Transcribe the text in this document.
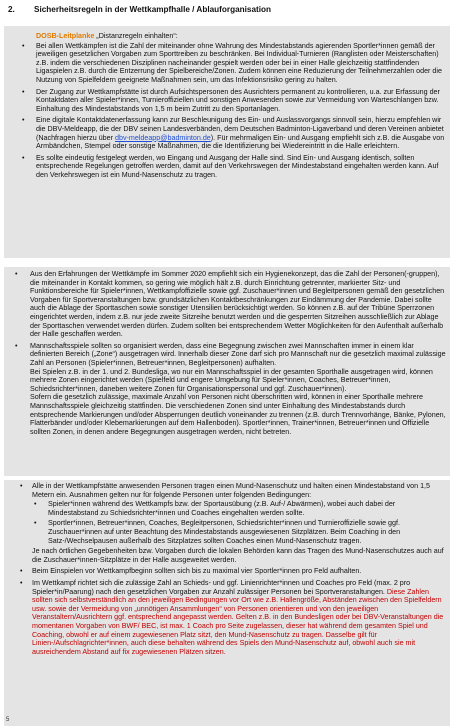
2. Sicherheitsregeln in der Wettkampfhalle / Ablauforganisation
DOSB-Leitplanke „Distanzregeln einhalten“:
• Bei allen Wettkämpfen ist die Zahl der miteinander ohne Wahrung des Mindestabstands agierenden Sportler*innen gemäß der jeweiligen gesetzlichen Vorgaben zum Sporttreiben zu beschränken. Bei Individual-Turnieren (Ranglisten oder Meisterschaften) z.B. indem die verschiedenen Disziplinen nacheinander gespielt werden oder bei in einer Halle gleichzeitig stattfindenden Ligaspielen z.B. durch die Entzerrung der Spielbereiche/Zonen. Zudem können eine Reduzierung der Teilnehmerzahlen oder die Nutzung von Spielfeldern geeignete Maßnahmen sein, um das Infektionsrisiko gering zu halten.
• Der Zugang zur Wettkampfstätte ist durch Aufsichtspersonen des Ausrichters permanent zu kontrollieren, u.a. zur Erfassung der Kontaktdaten aller Spieler*innen, Turnieroffiziellen und sonstigen Anwesenden sowie zur Vermeidung von Warteschlangen bzw. Einhaltung des Mindestabstands von 1,5 m beim Zutritt zu den Sportanlagen.
• Eine digitale Kontaktdatenerfassung kann zur Beschleunigung des Ein- und Auslassvorgangs sinnvoll sein, hierzu empfehlen wir die DBV-Meldeapp, die der DBV seinen Landesverbänden, dem Deutschen Badminton-Ligaverband und deren Vereinen anbietet (Nachfragen hierzu über dbv-meldeapp@badminton.de). Für mehrmaligen Ein- und Ausgang empfiehlt sich z.B. die Ausgabe von Armbändchen, Stempel oder sonstige Maßnahmen, die die Identifizierung bei Wiedereintritt in die Halle erleichtern.
• Es sollte eindeutig festgelegt werden, wo Eingang und Ausgang der Halle sind. Sind Ein- und Ausgang identisch, sollten entsprechende Regelungen getroffen werden, damit auf den Verkehrswegen der Mindestabstand eingehalten werden kann. Auf den Verkehrswegen ist ein Mund-Nasenschutz zu tragen.
• Aus den Erfahrungen der Wettkämpfe im Sommer 2020 empfiehlt sich ein Hygienekonzept, das die Zahl der Personen(-gruppen), die miteinander in Kontakt kommen, so gering wie möglich hält z.B. durch Einrichtung getrennter, markierter Sitz- und Funktionsbereiche für Spieler*innen, Wettkampfoffizielle sowie ggf. Zuschauer*innen und Begleitpersonen gemäß den gesetzlichen Vorgaben für Sportveranstaltungen bzw. grundsätzlichen Kontaktbeschränkungen zur Eindämmung der Pandemie. Dabei sollte auch die Ablage der Sporttaschen sowie sonstiger Utensilien berücksichtigt werden. So können z.B. auf der Tribüne Sperrzonen eingerichtet werden, indem z.B. nur jede zweite Sitzreihe benutzt werden und die gesperrten Sitzreihen ausschließlich zur Ablage der Sporttaschen verwendet werden dürfen. Zudem sollten bei entsprechendem Wetter Möglichkeiten für den Aufenthalt außerhalb der Halle geschaffen werden.
• Mannschaftsspiele sollten so organisiert werden, dass eine Begegnung zwischen zwei Mannschaften immer in einem klar definierten Bereich („Zone“) ausgetragen wird. Innerhalb dieser Zone darf sich pro Mannschaft nur die gesetzlich maximal zulässige Zahl an Personen (Spieler*innen, Betreuer*innen, Begleitpersonen) aufhalten.
Bei Spielen z.B. in der 1. und 2. Bundesliga, wo nur ein Mannschaftsspiel in der gesamten Sporthalle ausgetragen wird, können mehrere Zonen eingerichtet werden (Spielfeld und engere Umgebung für Spieler*innen, Coaches, Betreuer*innen, Schiedsrichter*innen, daneben weitere Zonen für Organisationspersonal und ggf. Zuschauer*innen).
Sofern die gesetzlich zulässige, maximale Anzahl von Personen nicht überschritten wird, können in einer Sporthalle mehrere Mannschaftsspiele gleichzeitig stattfinden. Die verschiedenen Zonen sind unter Einhaltung des Mindestabstands durch entsprechende Markierungen und/oder Absperrungen deutlich voneinander zu trennen (z.B. durch Trennvorhänge, Bänke, Pylonen, Flatterbänder und/oder Klebemarkierungen auf dem Hallenboden). Sportler*innen, Trainer*innen, Betreuer*innen und Offizielle sollten Zonen, in denen andere Begegnungen ausgetragen werden, nicht betreten.
• Alle in der Wettkampfstätte anwesenden Personen tragen einen Mund-Nasenschutz und halten einen Mindestabstand von 1,5 Metern ein. Ausnahmen gelten nur für folgende Personen unter folgenden Bedingungen:
• Spieler*innen während des Wettkampfs bzw. der Sportausübung (z.B. Auf-/ Abwärmen), wobei auch dabei der Mindestabstand zu Schiedsrichter*innen und Coaches eingehalten werden sollte.
• Sportler*innen, Betreuer*innen, Coaches, Begleitpersonen, Schiedsrichter*innen und Turnieroffizielle sowie ggf. Zuschauer*innen auf unter Beachtung des Mindestabstands ausgewiesenen Sitzplätzen. Beim Coaching in den Satz-/Wechselpausen außerhalb des Sitzplatzes sollten Coaches einen Mund-Nasenschutz tragen.
Je nach örtlichen Gegebenheiten bzw. Vorgaben durch die lokalen Behörden kann das Tragen des Mund-Nasenschutzes auch auf die Zuschauer*innen-Sitzplätze in der Halle ausgeweitet werden.
• Beim Einspielen vor Wettkampfbeginn sollten sich bis zu maximal vier Sportler*innen pro Feld aufhalten.
• Im Wettkampf richtet sich die zulässige Zahl an Schieds- und ggf. Linienrichter*innen und Coaches pro Feld (max. 2 pro Spieler*in/Paarung) nach den gesetzlichen Vorgaben zur Anzahl zulässiger Personen bei Sportveranstaltungen. Diese Zahlen sollten sich selbstverständlich an den jeweiligen Bedingungen vor Ort wie z.B. Hallengröße, Abständen zwischen den Spielfeldern usw. sowie der Vermeidung von „unnötigen Ansammlungen“ von Personen orientieren und von den jeweiligen Veranstaltern/Ausrichtern ggf. entsprechend angepasst werden. Gelten z.B. in den Bundesligen oder bei DBV-Veranstaltungen die momentanen Vorgaben von BWF/ BEC, ist max. 1 Coach pro Seite zugelassen, dieser hat während dem gesamten Spiel und Coaching, obwohl er auf einem zugewiesenen Platz sitzt, den Mund-Nasenschutz zu tragen. Dasselbe gilt für Linien-/Aufschlagrichter*innen, auch diese behalten während des Spiels den Mund-Nasenschutz auf, obwohl auch sie mit ausreichendem Abstand auf fix zugewiesenen Plätzen sitzen.
5
